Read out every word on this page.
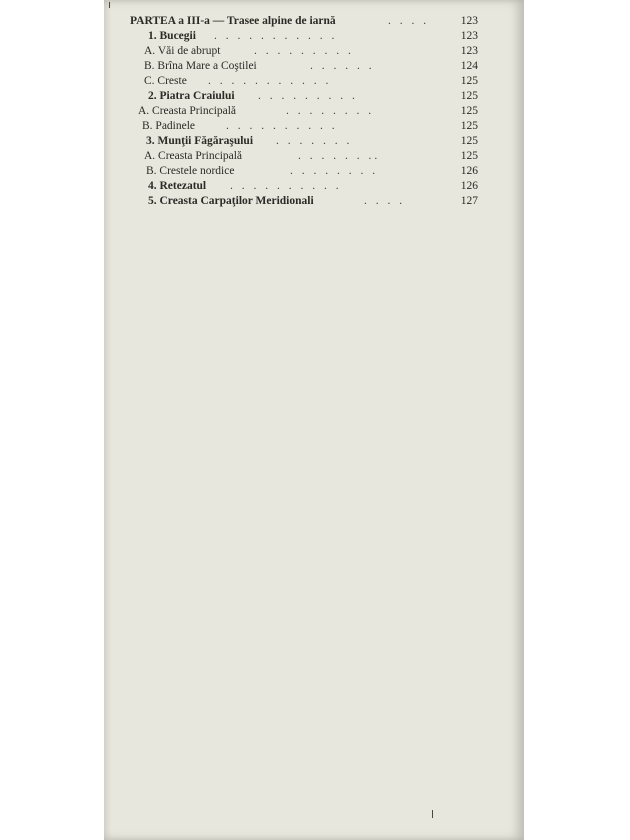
PARTEA a III-a — Trasee alpine de iarnă	. . . .	123
1. Bucegii . . . . . . . . . . .	123
A. Văi de abrupt	. . . . . . . . .	123
B. Brîna Mare a Coştilei	. . . . . .	124
C. Creste . . . . . . . . . . .	125
2. Piatra Craiului . . . . . . . . .	125
A. Creasta Principală	. . . . . . . .	125
B. Padinele	. . . . . . . . . .	125
3. Munţii Făgăraşului . . . . . . .	125
A. Creasta Principală	. . . . . . ..	125
B. Crestele nordice	. . . . . . . .	126
4. Retezatul . . . . . . . . . .	126
5. Creasta Carpaţilor Meridionali	. . . .	127
